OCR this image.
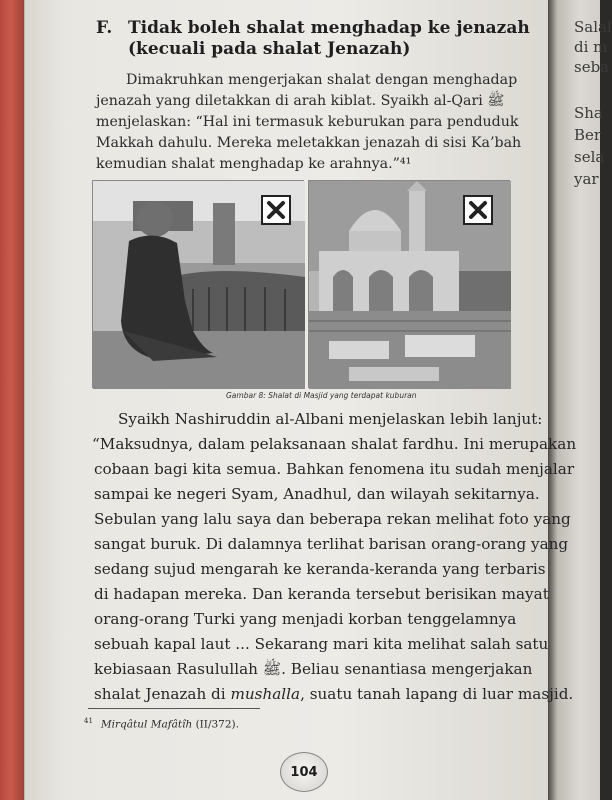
Salal
di m
seba
Sha
Ber
sela
yar
F. Tidak boleh shalat menghadap ke jenazah
(kecuali pada shalat Jenazah)
Dimakruhkan mengerjakan shalat dengan menghadap
jenazah yang diletakkan di arah kiblat. Syaikh al-Qari ﷺ
menjelaskan: “Hal ini termasuk keburukan para penduduk
Makkah dahulu. Mereka meletakkan jenazah di sisi Ka’bah
kemudian shalat menghadap ke arahnya.”⁴¹
Gambar 8: Shalat di Masjid yang terdapat kuburan
Syaikh Nashiruddin al-Albani menjelaskan lebih lanjut:
“Maksudnya, dalam pelaksanaan shalat fardhu. Ini merupakan
cobaan bagi kita semua. Bahkan fenomena itu sudah menjalar
sampai ke negeri Syam, Anadhul, dan wilayah sekitarnya.
Sebulan yang lalu saya dan beberapa rekan melihat foto yang
sangat buruk. Di dalamnya terlihat barisan orang-orang yang
sedang sujud mengarah ke keranda-keranda yang terbaris
di hadapan mereka. Dan keranda tersebut berisikan mayat
orang-orang Turki yang menjadi korban tenggelamnya
sebuah kapal laut ... Sekarang mari kita melihat salah satu
kebiasaan Rasulullah ﷺ. Beliau senantiasa mengerjakan
shalat Jenazah di mushalla, suatu tanah lapang di luar masjid.
$^{41}$ Mirqâtul Mafâtîh (II/372).
104
